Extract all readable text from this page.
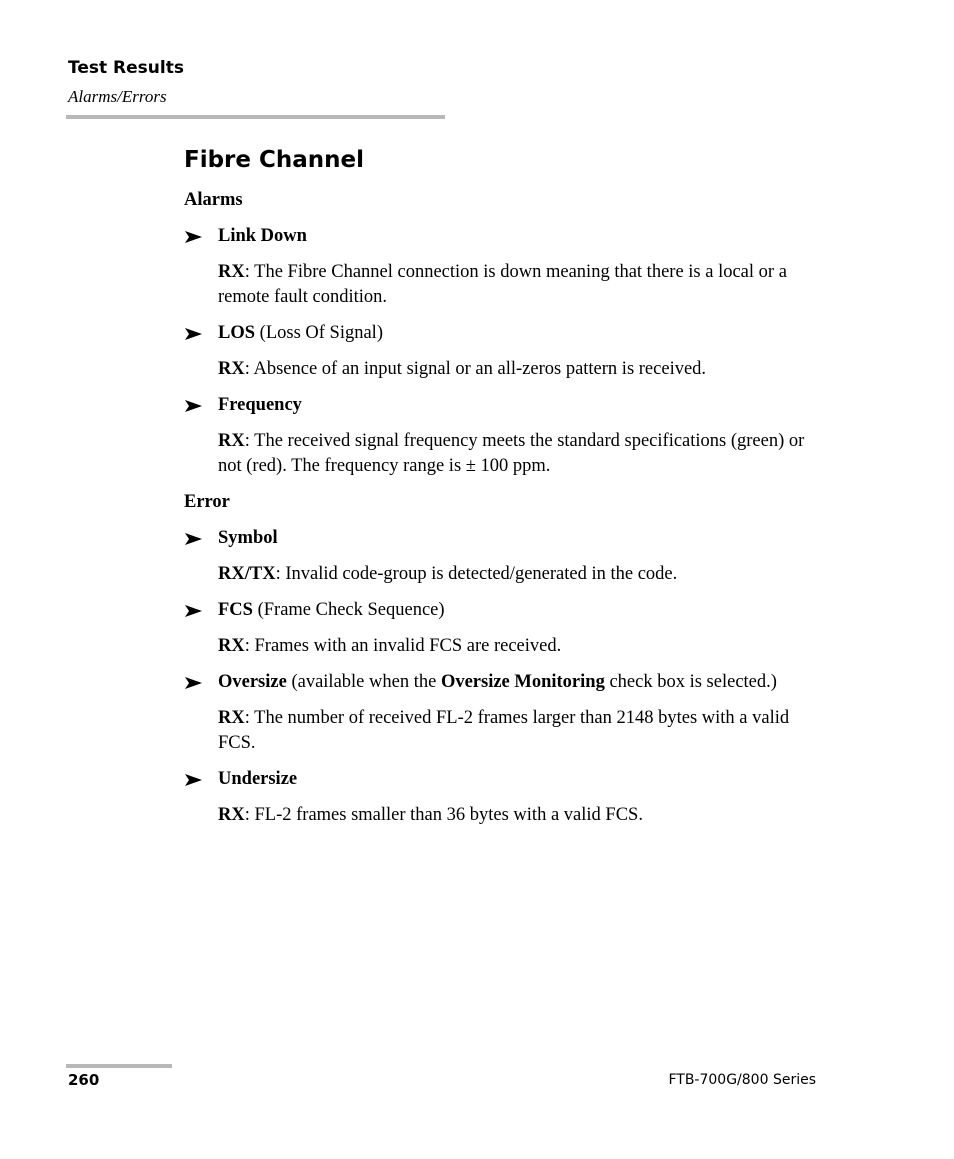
Test Results
Alarms/Errors
Fibre Channel
Alarms
Link Down
RX: The Fibre Channel connection is down meaning that there is a local or a remote fault condition.
LOS (Loss Of Signal)
RX: Absence of an input signal or an all-zeros pattern is received.
Frequency
RX: The received signal frequency meets the standard specifications (green) or not (red). The frequency range is ± 100 ppm.
Error
Symbol
RX/TX: Invalid code-group is detected/generated in the code.
FCS (Frame Check Sequence)
RX: Frames with an invalid FCS are received.
Oversize (available when the Oversize Monitoring check box is selected.)
RX: The number of received FL-2 frames larger than 2148 bytes with a valid FCS.
Undersize
RX: FL-2 frames smaller than 36 bytes with a valid FCS.
260	FTB-700G/800 Series
